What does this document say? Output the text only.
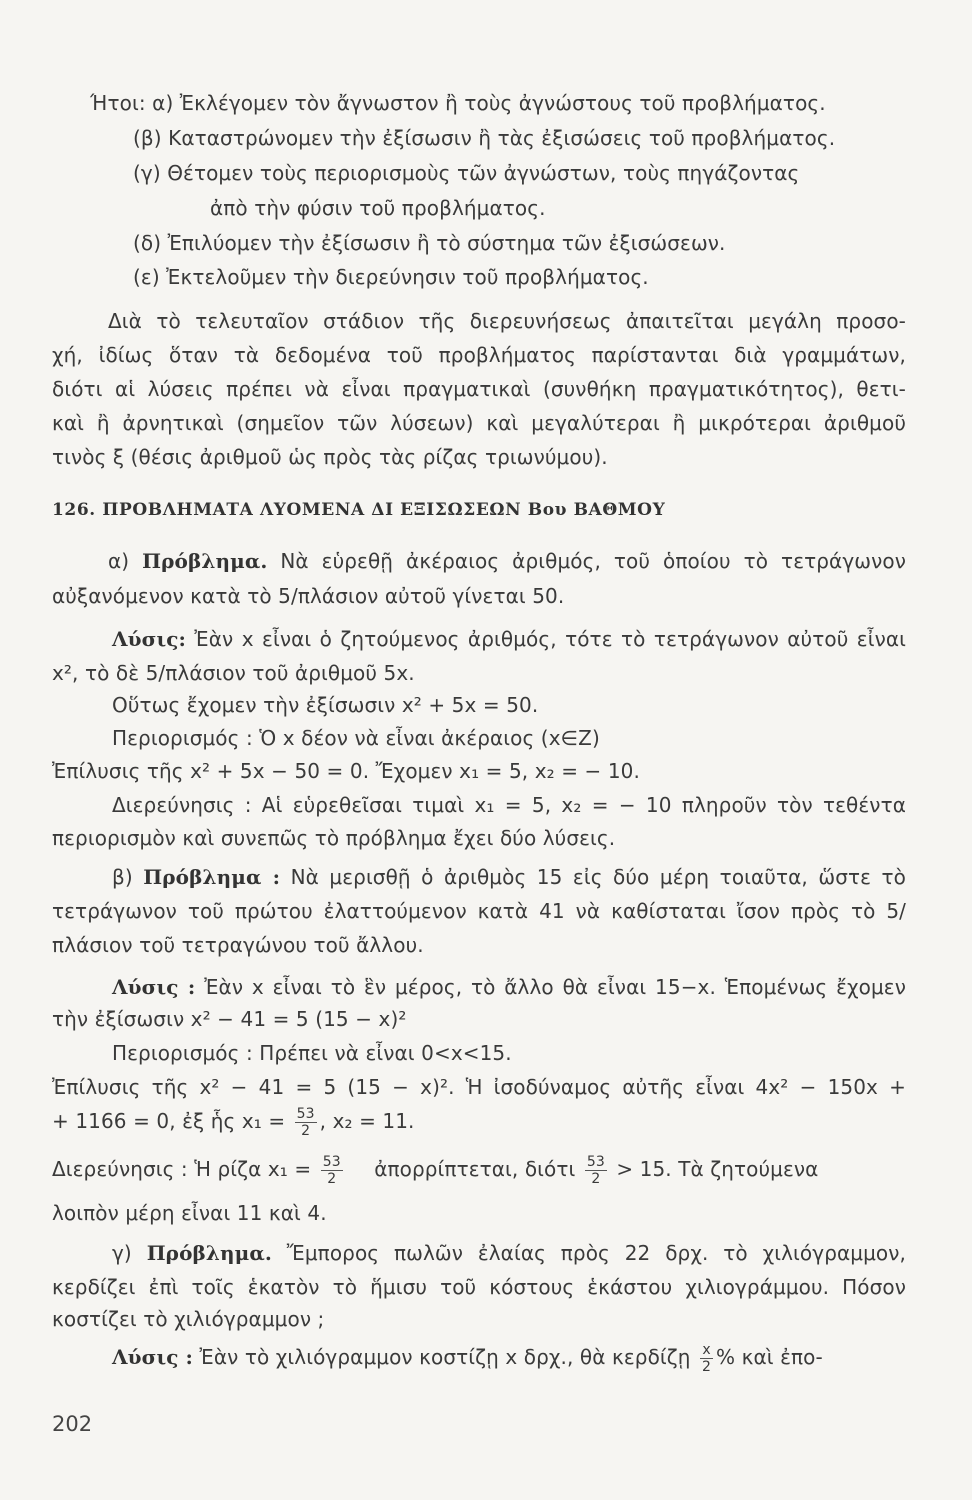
Ήτοι: α) Ἐκλέγομεν τὸν ἄγνωστον ἢ τοὺς ἀγνώστους τοῦ προβλήματος.
(β) Καταστρώνομεν τὴν ἐξίσωσιν ἢ τὰς ἐξισώσεις τοῦ προβλήματος.
(γ) Θέτομεν τοὺς περιορισμοὺς τῶν ἀγνώστων, τοὺς πηγάζοντας
ἀπὸ τὴν φύσιν τοῦ προβλήματος.
(δ) Ἐπιλύομεν τὴν ἐξίσωσιν ἢ τὸ σύστημα τῶν ἐξισώσεων.
(ε) Ἐκτελοῦμεν τὴν διερεύνησιν τοῦ προβλήματος.
Διὰ τὸ τελευταῖον στάδιον τῆς διερευνήσεως ἀπαιτεῖται μεγάλη προσο-
χή, ἰδίως ὅταν τὰ δεδομένα τοῦ προβλήματος παρίστανται διὰ γραμμάτων,
διότι αἱ λύσεις πρέπει νὰ εἶναι πραγματικαὶ (συνθήκη πραγματικότητος), θετι-
καὶ ἢ ἀρνητικαὶ (σημεῖον τῶν λύσεων) καὶ μεγαλύτεραι ἢ μικρότεραι ἀριθμοῦ
τινὸς ξ (θέσις ἀριθμοῦ ὡς πρὸς τὰς ρίζας τριωνύμου).
126. ΠΡΟΒΛΗΜΑΤΑ ΛΥΟΜΕΝΑ ΔΙ ΕΞΙΣΩΣΕΩΝ Βου ΒΑΘΜΟΥ
α) Πρόβλημα. Νὰ εὑρεθῇ ἀκέραιος ἀριθμός, τοῦ ὁποίου τὸ τετράγωνον
αὐξανόμενον κατὰ τὸ 5/πλάσιον αὐτοῦ γίνεται 50.
Λύσις: Ἐὰν x εἶναι ὁ ζητούμενος ἀριθμός, τότε τὸ τετράγωνον αὐτοῦ εἶναι
x², τὸ δὲ 5/πλάσιον τοῦ ἀριθμοῦ 5x.
Οὕτως ἔχομεν τὴν ἐξίσωσιν x² + 5x = 50.
Περιορισμός : Ὁ x δέον νὰ εἶναι ἀκέραιος (x∈Z)
Ἐπίλυσις τῆς x² + 5x − 50 = 0. Ἔχομεν x₁ = 5, x₂ = − 10.
Διερεύνησις : Αἱ εὑρεθεῖσαι τιμαὶ x₁ = 5, x₂ = − 10 πληροῦν τὸν τεθέντα
περιορισμὸν καὶ συνεπῶς τὸ πρόβλημα ἔχει δύο λύσεις.
β) Πρόβλημα : Νὰ μερισθῇ ὁ ἀριθμὸς 15 εἰς δύο μέρη τοιαῦτα, ὥστε τὸ
τετράγωνον τοῦ πρώτου ἐλαττούμενον κατὰ 41 νὰ καθίσταται ἴσον πρὸς τὸ 5/
πλάσιον τοῦ τετραγώνου τοῦ ἄλλου.
Λύσις : Ἐὰν x εἶναι τὸ ἓν μέρος, τὸ ἄλλο θὰ εἶναι 15−x. Ἑπομένως ἔχομεν
τὴν ἐξίσωσιν x² − 41 = 5 (15 − x)²
Περιορισμός : Πρέπει νὰ εἶναι 0<x<15.
Ἐπίλυσις τῆς x² − 41 = 5 (15 − x)². Ἡ ἰσοδύναμος αὐτῆς εἶναι 4x² − 150x +
+ 1166 = 0, ἐξ ἧς $x_1 = \frac{53}{2}$ , x₂ = 11.
Διερεύνησις : Ἡ ρίζα $x_1 = \frac{53}{2}$ ἀπορρίπτεται, διότι $\frac{53}{2} > 15$. Τὰ ζητούμενα
λοιπὸν μέρη εἶναι 11 καὶ 4.
γ) Πρόβλημα. Ἔμπορος πωλῶν ἐλαίας πρὸς 22 δρχ. τὸ χιλιόγραμμον,
κερδίζει ἐπὶ τοῖς ἑκατὸν τὸ ἥμισυ τοῦ κόστους ἑκάστου χιλιογράμμου. Πόσον
κοστίζει τὸ χιλιόγραμμον ;
Λύσις : Ἐὰν τὸ χιλιόγραμμον κοστίζῃ x δρχ., θὰ κερδίζῃ $\frac{x}{2}$ % καὶ ἐπο-
202
